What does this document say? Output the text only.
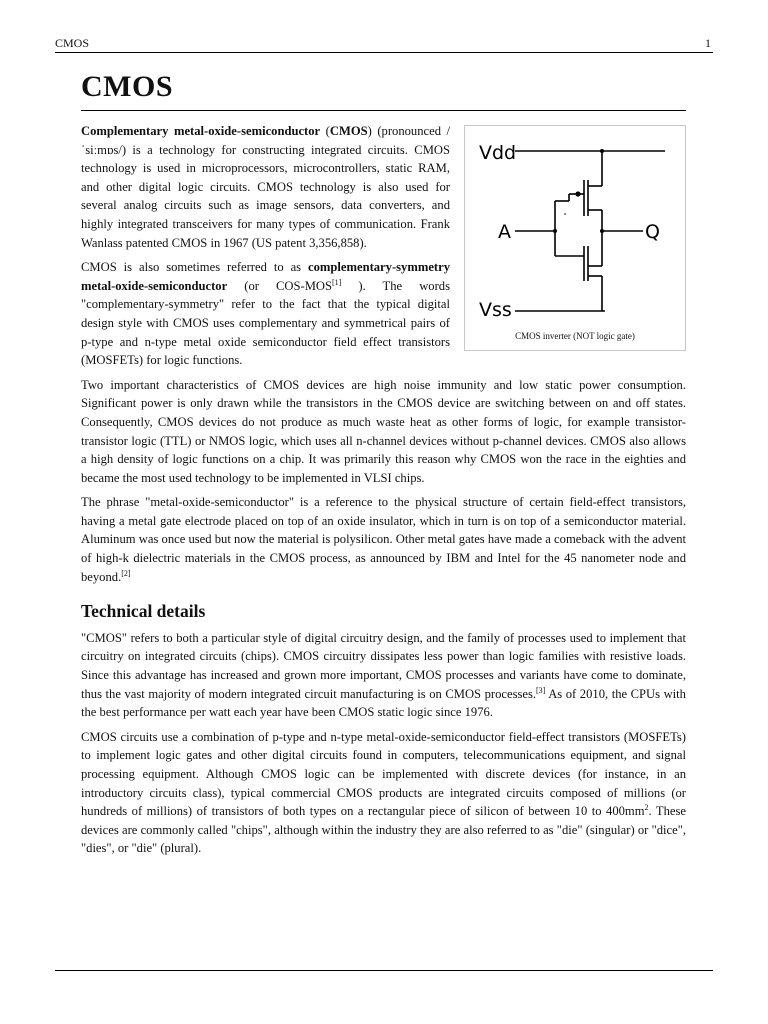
CMOS	1
CMOS
Vdd
A	Q
Vss
CMOS inverter (NOT logic gate)

Complementary metal-oxide-semiconductor (CMOS) (pronounced /ˈsiːmɒs/) is a technology for constructing integrated circuits. CMOS technology is used in microprocessors, microcontrollers, static RAM, and other digital logic circuits. CMOS technology is also used for several analog circuits such as image sensors, data converters, and highly integrated transceivers for many types of communication. Frank Wanlass patented CMOS in 1967 (US patent 3,356,858).

CMOS is also sometimes referred to as complementary-symmetry metal-oxide-semiconductor (or COS-MOS[1] ). The words "complementary-symmetry" refer to the fact that the typical digital design style with CMOS uses complementary and symmetrical pairs of p-type and n-type metal oxide semiconductor field effect transistors (MOSFETs) for logic functions.

Two important characteristics of CMOS devices are high noise immunity and low static power consumption. Significant power is only drawn while the transistors in the CMOS device are switching between on and off states. Consequently, CMOS devices do not produce as much waste heat as other forms of logic, for example transistor-transistor logic (TTL) or NMOS logic, which uses all n-channel devices without p-channel devices. CMOS also allows a high density of logic functions on a chip. It was primarily this reason why CMOS won the race in the eighties and became the most used technology to be implemented in VLSI chips.

The phrase "metal-oxide-semiconductor" is a reference to the physical structure of certain field-effect transistors, having a metal gate electrode placed on top of an oxide insulator, which in turn is on top of a semiconductor material. Aluminum was once used but now the material is polysilicon. Other metal gates have made a comeback with the advent of high-k dielectric materials in the CMOS process, as announced by IBM and Intel for the 45 nanometer node and beyond.[2]

Technical details

"CMOS" refers to both a particular style of digital circuitry design, and the family of processes used to implement that circuitry on integrated circuits (chips). CMOS circuitry dissipates less power than logic families with resistive loads. Since this advantage has increased and grown more important, CMOS processes and variants have come to dominate, thus the vast majority of modern integrated circuit manufacturing is on CMOS processes.[3] As of 2010, the CPUs with the best performance per watt each year have been CMOS static logic since 1976.

CMOS circuits use a combination of p-type and n-type metal-oxide-semiconductor field-effect transistors (MOSFETs) to implement logic gates and other digital circuits found in computers, telecommunications equipment, and signal processing equipment. Although CMOS logic can be implemented with discrete devices (for instance, in an introductory circuits class), typical commercial CMOS products are integrated circuits composed of millions (or hundreds of millions) of transistors of both types on a rectangular piece of silicon of between 10 to $400mm^2$. These devices are commonly called "chips", although within the industry they are also referred to as "die" (singular) or "dice", "dies", or "die" (plural).
